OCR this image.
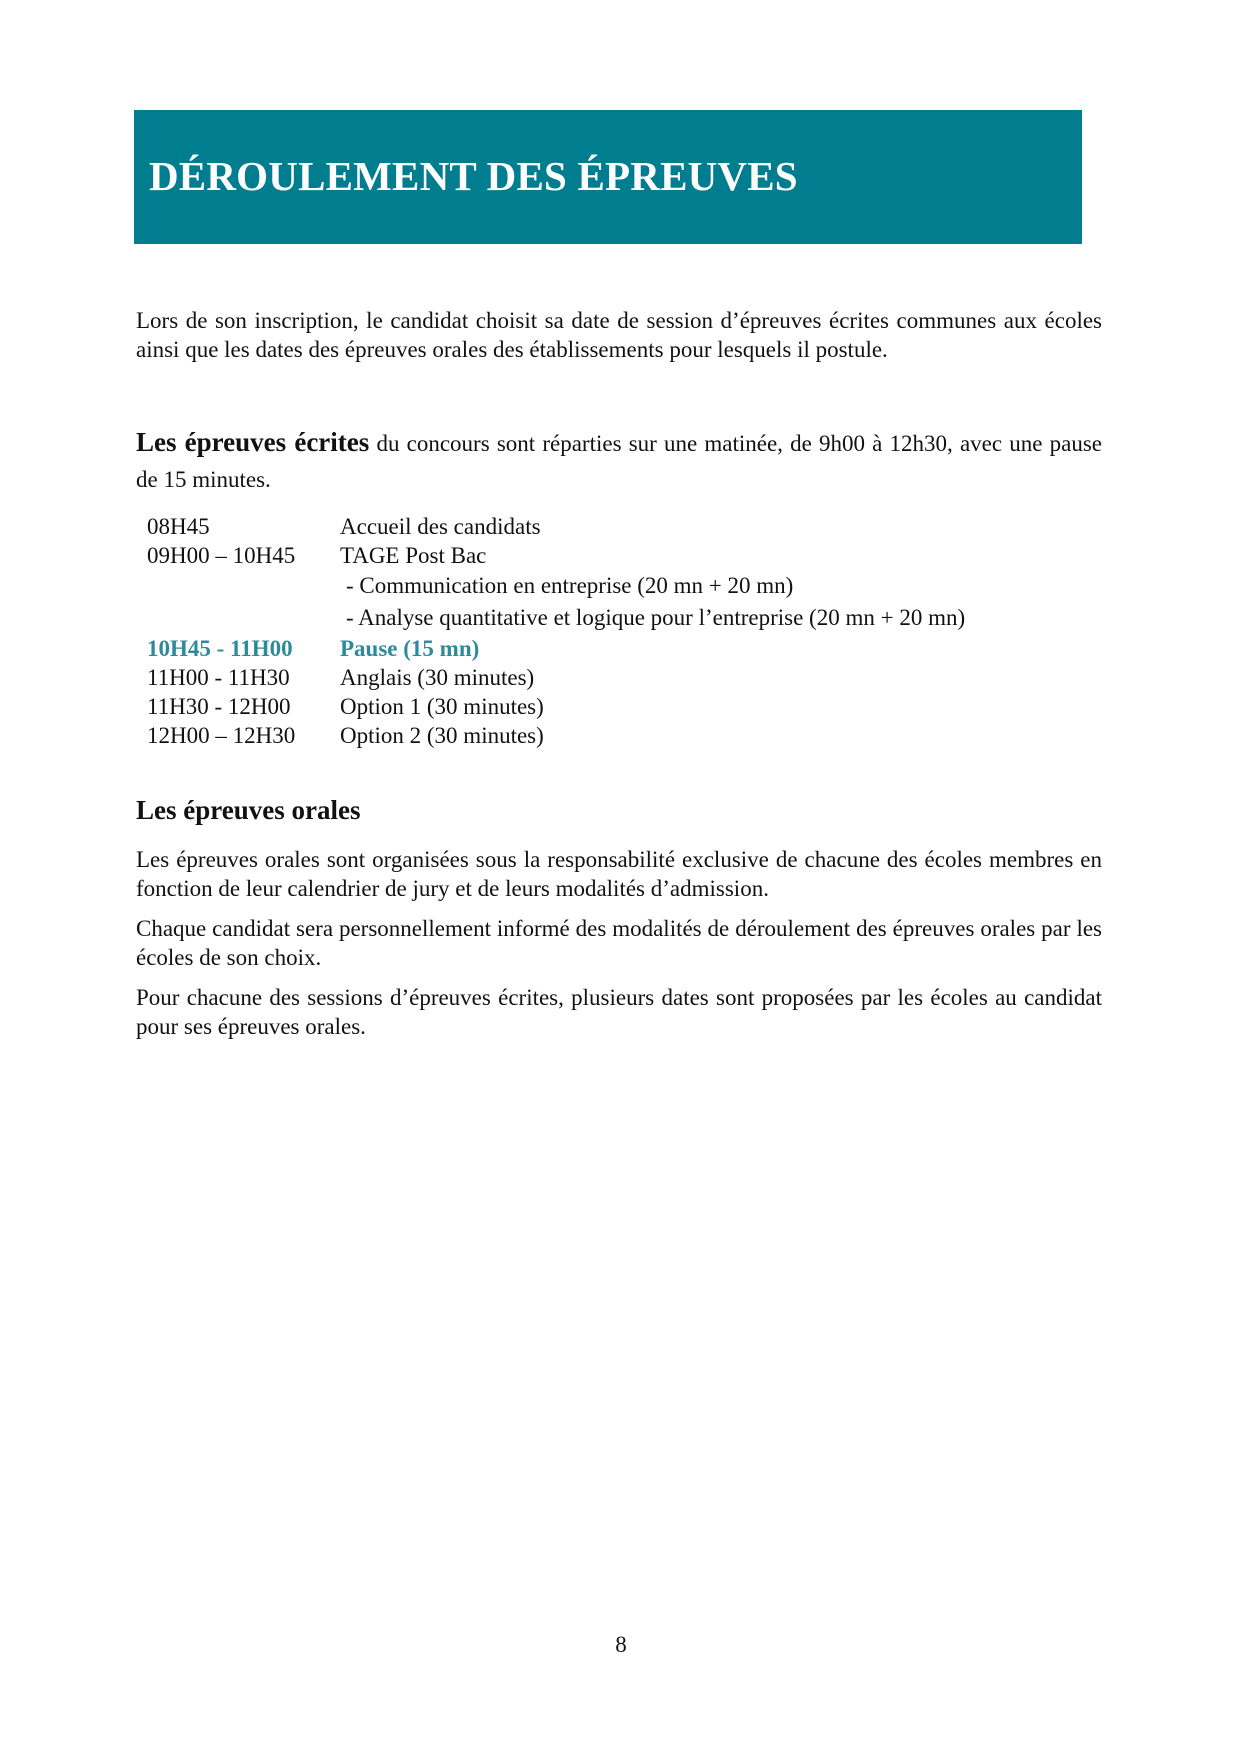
DÉROULEMENT DES ÉPREUVES

Lors de son inscription, le candidat choisit sa date de session d’épreuves écrites communes aux écoles ainsi que les dates des épreuves orales des établissements pour lesquels il postule.

Les épreuves écrites du concours sont réparties sur une matinée, de 9h00 à 12h30, avec une pause de 15 minutes.

08H45	Accueil des candidats
09H00 – 10H45 TAGE Post Bac
- Communication en entreprise (20 mn + 20 mn)
- Analyse quantitative et logique pour l’entreprise (20 mn + 20 mn)
10H45 - 11H00 Pause (15 mn)
11H00 - 11H30 Anglais (30 minutes)
11H30 - 12H00 Option 1 (30 minutes)
12H00 – 12H30 Option 2 (30 minutes)
Les épreuves orales

Les épreuves orales sont organisées sous la responsabilité exclusive de chacune des écoles membres en fonction de leur calendrier de jury et de leurs modalités d’admission.

Chaque candidat sera personnellement informé des modalités de déroulement des épreuves orales par les écoles de son choix.

Pour chacune des sessions d’épreuves écrites, plusieurs dates sont proposées par les écoles au candidat pour ses épreuves orales.

8
